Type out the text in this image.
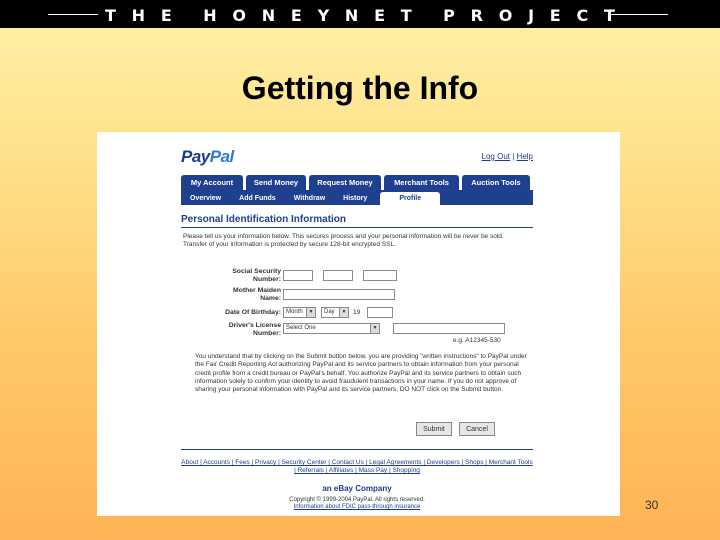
T H E H O N E Y N E T P R O J E C T
Getting the Info
PayPal	Log Out | Help
My Account	Send Money	Request Money	Merchant Tools	Auction Tools
Overview	Add Funds	Withdraw	History	Profile
Personal Identification Information
Please tell us your information below. This secures process and your personal information will be never be sold. Transfer of your information is protected by secure 128-bit encrypted SSL.
Social Security
Number:
Mother Maiden
Name:
Date Of Birthday: Month	▼	Day	▼ 19
Driver's License
Number:
Select One	▼
e.g. A12345-530
You understand that by clicking on the Submit button below, you are providing "written instructions" to PayPal under the Fair Credit Reporting Act authorizing PayPal and its service partners to obtain information from your personal credit profile from a credit bureau or PayPal's behalf. You authorize PayPal and its service partners to obtain such information solely to confirm your identity to avoid fraudulent transactions in your name. If you do not approve of sharing your personal information with PayPal and its service partners, DO NOT click on the Submit button.
Submit	Cancel
About | Accounts | Fees | Privacy | Security Center | Contact Us | Legal Agreements | Developers | Shops | Merchant Tools | Referrals | Affiliates | Mass Pay | Shopping
an eBay Company
Copyright © 1999-2004 PayPal. All rights reserved.
Information about FDIC pass-through insurance	30
